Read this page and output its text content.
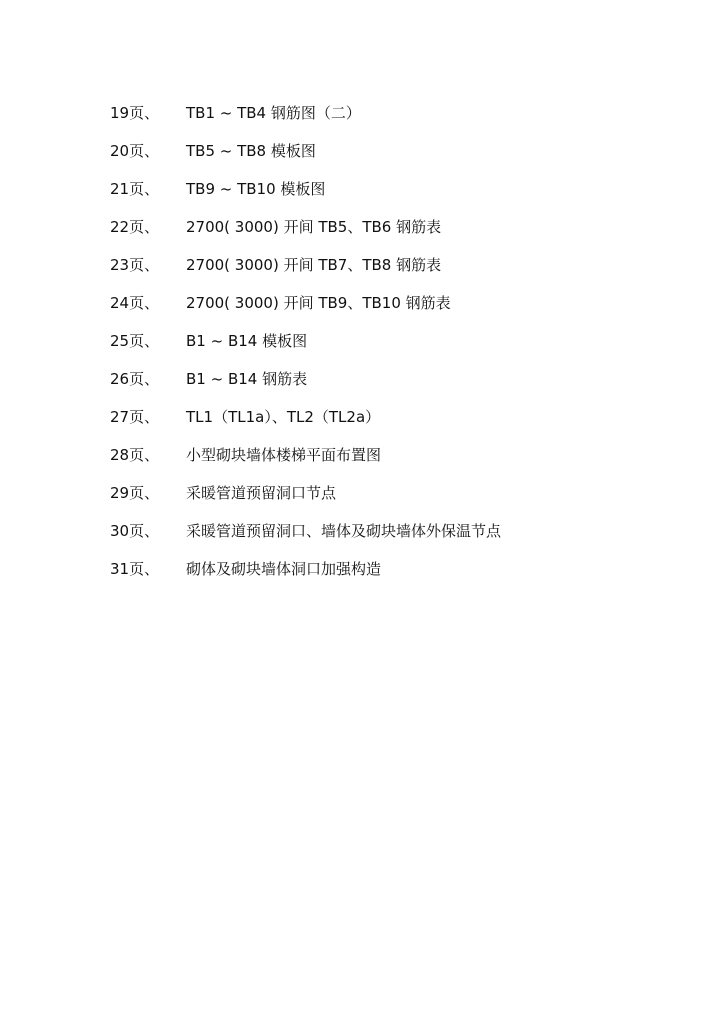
19页、	TB1 ~ TB4 钢筋图（二）
20页、	TB5 ~ TB8 模板图
21页、	TB9 ~ TB10 模板图
22页、	2700( 3000) 开间 TB5、TB6 钢筋表
23页、	2700( 3000) 开间 TB7、TB8 钢筋表
24页、	2700( 3000) 开间 TB9、TB10 钢筋表
25页、	B1 ~ B14 模板图
26页、	B1 ~ B14 钢筋表
27页、	TL1（TL1a）、TL2（TL2a）
28页、	小型砌块墙体楼梯平面布置图
29页、	采暖管道预留洞口节点
30页、	采暖管道预留洞口、墙体及砌块墙体外保温节点
31页、	砌体及砌块墙体洞口加强构造
